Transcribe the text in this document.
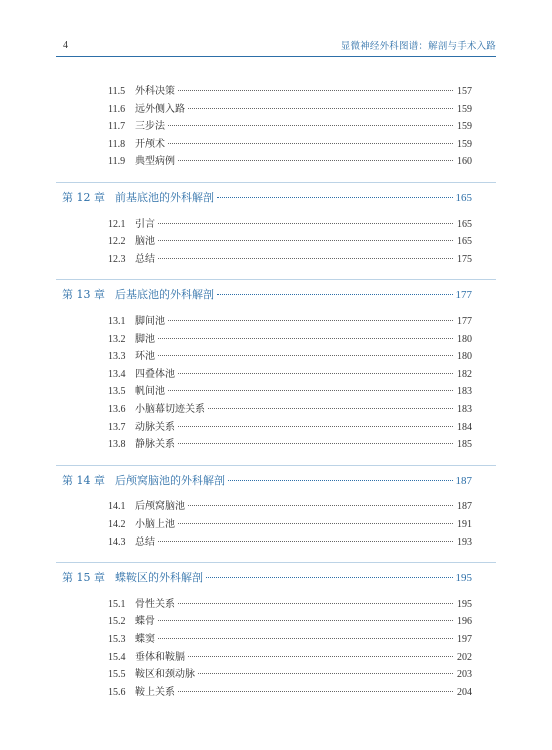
4	显微神经外科图谱：解剖与手术入路
11.5 外科决策	157
11.6 远外侧入路	159
11.7 三步法	159
11.8 开颅术	159
11.9 典型病例	160
第 12 章 前基底池的外科解剖	165
12.1 引言	165
12.2 脑池	165
12.3 总结	175
第 13 章 后基底池的外科解剖	177
13.1 脚间池	177
13.2 脚池	180
13.3 环池	180
13.4 四叠体池	182
13.5 帆间池	183
13.6 小脑幕切迹关系	183
13.7 动脉关系	184
13.8 静脉关系	185
第 14 章 后颅窝脑池的外科解剖	187
14.1 后颅窝脑池	187
14.2 小脑上池	191
14.3 总结	193
第 15 章 蝶鞍区的外科解剖	195
15.1 骨性关系	195
15.2 蝶骨	196
15.3 蝶窦	197
15.4 垂体和鞍膈	202
15.5 鞍区和颈动脉	203
15.6 鞍上关系	204
